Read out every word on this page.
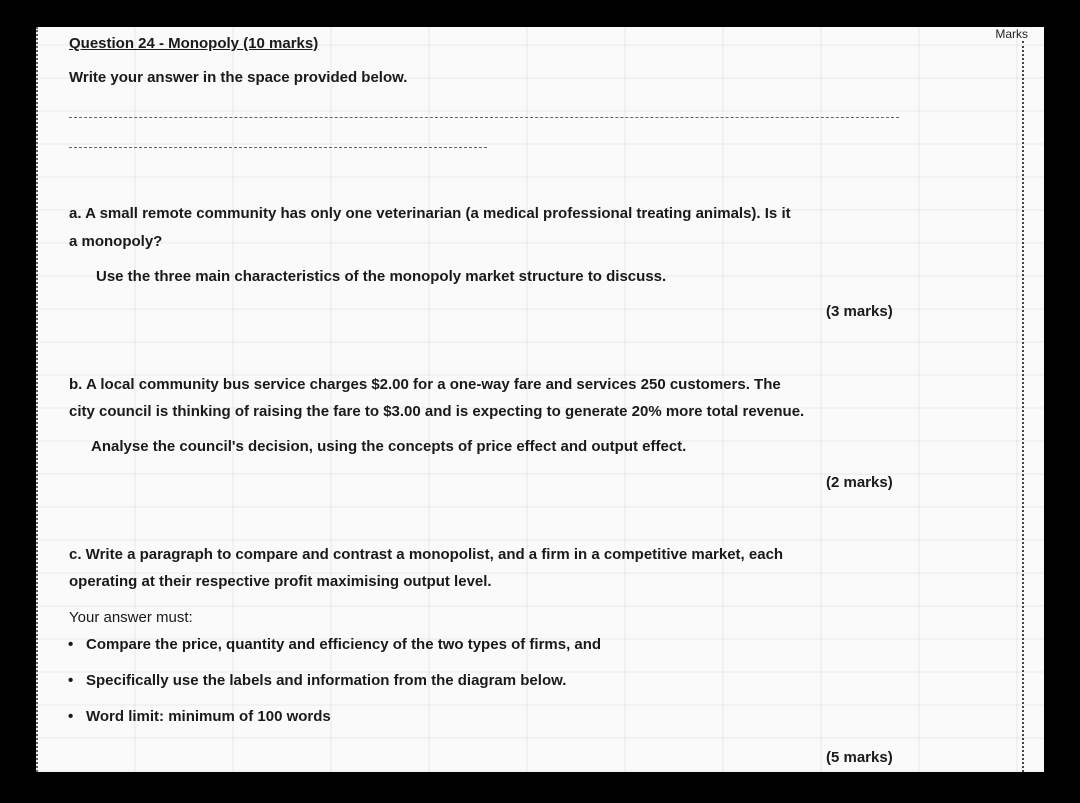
Marks
Question 24 - Monopoly (10 marks)
Write your answer in the space provided below.
a. A small remote community has only one veterinarian (a medical professional treating animals). Is it
a monopoly?
Use the three main characteristics of the monopoly market structure to discuss.
(3 marks)
b. A local community bus service charges $2.00 for a one-way fare and services 250 customers. The
city council is thinking of raising the fare to $3.00 and is expecting to generate 20% more total revenue.
Analyse the council's decision, using the concepts of price effect and output effect.
(2 marks)
c. Write a paragraph to compare and contrast a monopolist, and a firm in a competitive market, each
operating at their respective profit maximising output level.
Your answer must:
• Compare the price, quantity and efficiency of the two types of firms, and
• Specifically use the labels and information from the diagram below.
• Word limit: minimum of 100 words
(5 marks)
